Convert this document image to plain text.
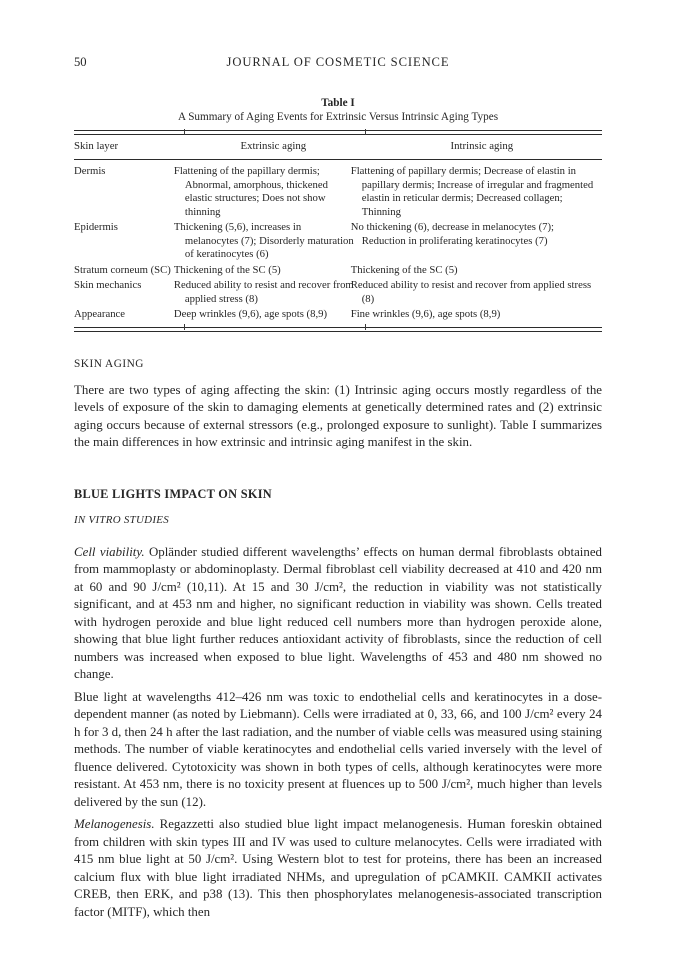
50	JOURNAL OF COSMETIC SCIENCE
Table I
A Summary of Aging Events for Extrinsic Versus Intrinsic Aging Types
Skin layer	Extrinsic aging	Intrinsic aging
Dermis	Flattening of the papillary dermis; Abnormal, amorphous, thickened elastic structures; Does not show thinning	Flattening of papillary dermis; Decrease of elastin in papillary dermis; Increase of irregular and fragmented elastin in reticular dermis; Decreased collagen; Thinning
Epidermis	Thickening (5,6), increases in melanocytes (7); Disorderly maturation of keratinocytes (6)	No thickening (6), decrease in melanocytes (7); Reduction in proliferating keratinocytes (7)
Stratum corneum (SC)	Thickening of the SC (5)	Thickening of the SC (5)
Skin mechanics	Reduced ability to resist and recover from applied stress (8)	Reduced ability to resist and recover from applied stress (8)
Appearance	Deep wrinkles (9,6), age spots (8,9)	Fine wrinkles (9,6), age spots (8,9)
SKIN AGING

There are two types of aging affecting the skin: (1) Intrinsic aging occurs mostly regardless of the levels of exposure of the skin to damaging elements at genetically determined rates and (2) extrinsic aging occurs because of external stressors (e.g., prolonged exposure to sunlight). Table I summarizes the main differences in how extrinsic and intrinsic aging manifest in the skin.

BLUE LIGHTS IMPACT ON SKIN
IN VITRO STUDIES

Cell viability. Opländer studied different wavelengths’ effects on human dermal fibroblasts obtained from mammoplasty or abdominoplasty. Dermal fibroblast cell viability decreased at 410 and 420 nm at 60 and 90 J/cm² (10,11). At 15 and 30 J/cm², the reduction in viability was not statistically significant, and at 453 nm and higher, no significant reduction in viability was shown. Cells treated with hydrogen peroxide and blue light reduced cell numbers more than hydrogen peroxide alone, showing that blue light further reduces antioxidant activity of fibroblasts, since the reduction of cell numbers was increased when exposed to blue light. Wavelengths of 453 and 480 nm showed no change.

Blue light at wavelengths 412–426 nm was toxic to endothelial cells and keratinocytes in a dose-dependent manner (as noted by Liebmann). Cells were irradiated at 0, 33, 66, and 100 J/cm² every 24 h for 3 d, then 24 h after the last radiation, and the number of viable cells was measured using staining methods. The number of viable keratinocytes and endothelial cells varied inversely with the level of fluence delivered. Cytotoxicity was shown in both types of cells, although keratinocytes were more resistant. At 453 nm, there is no toxicity present at fluences up to 500 J/cm², much higher than levels delivered by the sun (12).

Melanogenesis. Regazzetti also studied blue light impact melanogenesis. Human foreskin obtained from children with skin types III and IV was used to culture melanocytes. Cells were irradiated with 415 nm blue light at 50 J/cm². Using Western blot to test for proteins, there has been an increased calcium flux with blue light irradiated NHMs, and upregulation of pCAMKII. CAMKII activates CREB, then ERK, and p38 (13). This then phosphorylates melanogenesis-associated transcription factor (MITF), which then
